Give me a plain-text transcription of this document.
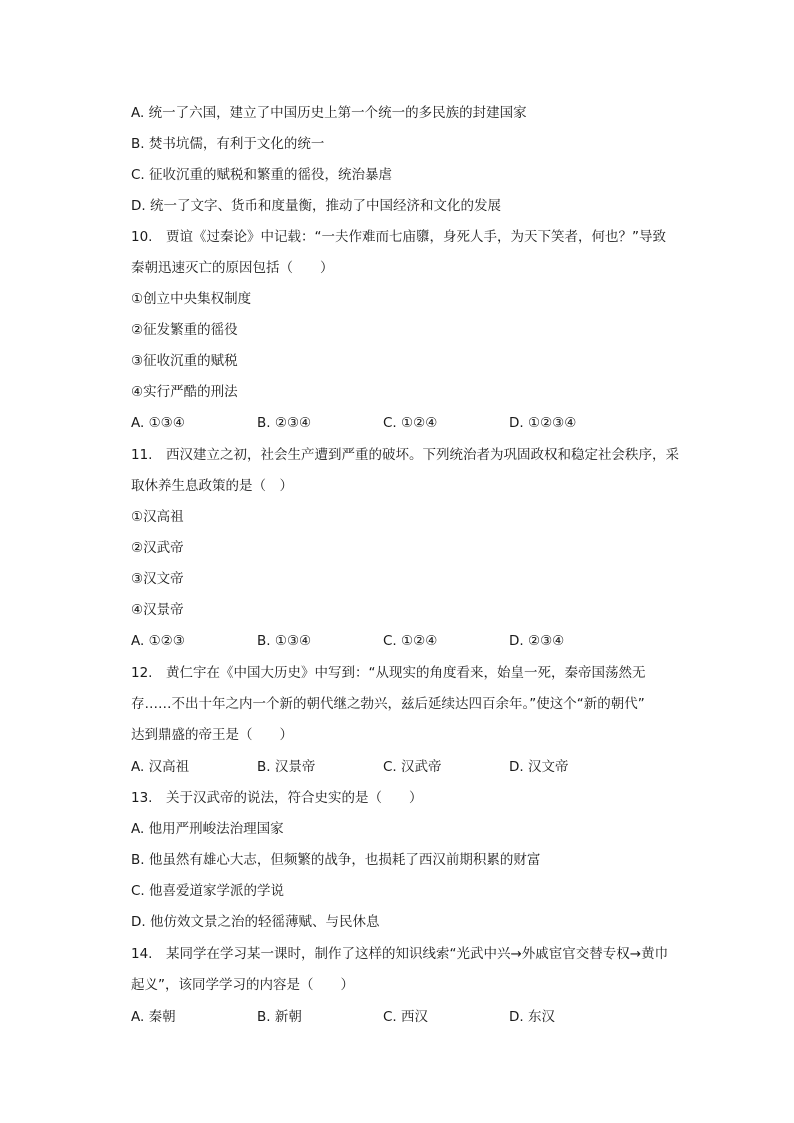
A. 统一了六国，建立了中国历史上第一个统一的多民族的封建国家
B. 焚书坑儒，有利于文化的统一
C. 征收沉重的赋税和繁重的徭役，统治暴虐
D. 统一了文字、货币和度量衡，推动了中国经济和文化的发展
10.　贾谊《过秦论》中记载：“一夫作难而七庙隳，身死人手，为天下笑者，何也？”导致
秦朝迅速灭亡的原因包括（　　）
①创立中央集权制度
②征发繁重的徭役
③征收沉重的赋税
④实行严酷的刑法
A. ①③④	B. ②③④	C. ①②④	D. ①②③④
11.　西汉建立之初，社会生产遭到严重的破坏。下列统治者为巩固政权和稳定社会秩序，采
取休养生息政策的是（　）
①汉高祖
②汉武帝
③汉文帝
④汉景帝
A. ①②③	B. ①③④	C. ①②④	D. ②③④
12.　黄仁宇在《中国大历史》中写到：“从现实的角度看来，始皇一死，秦帝国荡然无
存……不出十年之内一个新的朝代继之勃兴，兹后延续达四百余年。”使这个“新的朝代”
达到鼎盛的帝王是（　　）
A. 汉高祖	B. 汉景帝	C. 汉武帝	D. 汉文帝
13.　关于汉武帝的说法，符合史实的是（　　）
A. 他用严刑峻法治理国家
B. 他虽然有雄心大志，但频繁的战争，也损耗了西汉前期积累的财富
C. 他喜爱道家学派的学说
D. 他仿效文景之治的轻徭薄赋、与民休息
14.　某同学在学习某一课时，制作了这样的知识线索“光武中兴→外戚宦官交替专权→黄巾
起义”，该同学学习的内容是（　　）
A. 秦朝	B. 新朝	C. 西汉	D. 东汉
